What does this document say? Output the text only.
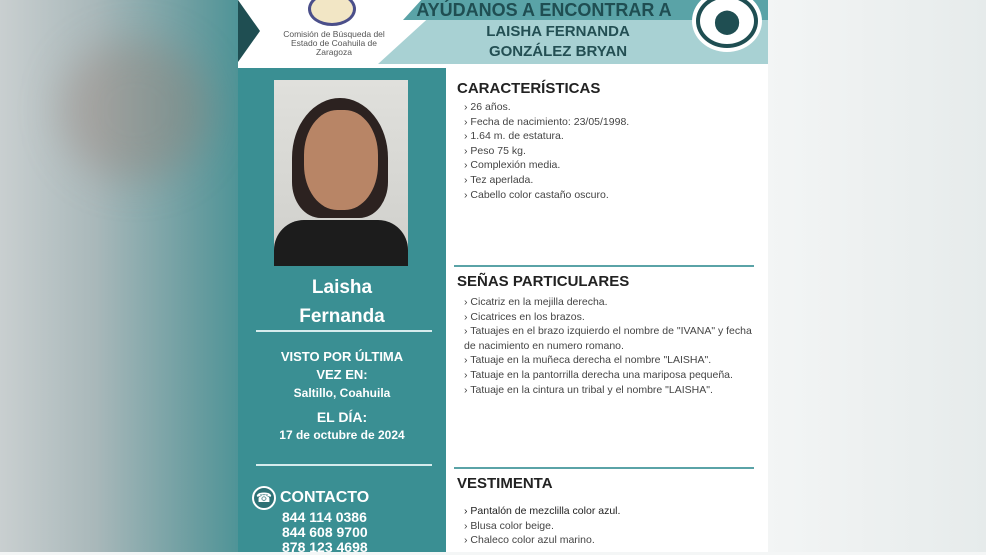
AYÚDANOS A ENCONTRAR A
Comisión de Búsqueda del Estado de Coahuila de Zaragoza
LAISHA FERNANDA
GONZÁLEZ BRYAN
⬤
Laisha
Fernanda
VISTO POR ÚLTIMA
VEZ EN:
Saltillo, Coahuila
EL DÍA:
17 de octubre de 2024
☎ CONTACTO
844 114 0386
844 608 9700
878 123 4698
CARACTERÍSTICAS
› 26 años.
› Fecha de nacimiento: 23/05/1998.
› 1.64 m. de estatura.
› Peso 75 kg.
› Complexión media.
› Tez aperlada.
› Cabello color castaño oscuro.
SEÑAS PARTICULARES
› Cicatriz en la mejilla derecha.
› Cicatrices en los brazos.
› Tatuajes en el brazo izquierdo el nombre de "IVANA" y fecha de nacimiento en numero romano.
› Tatuaje en la muñeca derecha el nombre "LAISHA".
› Tatuaje en la pantorrilla derecha una mariposa pequeña.
› Tatuaje en la cintura un tribal y el nombre "LAISHA".
VESTIMENTA
› Pantalón de mezclilla color azul.
› Blusa color beige.
› Chaleco color azul marino.
